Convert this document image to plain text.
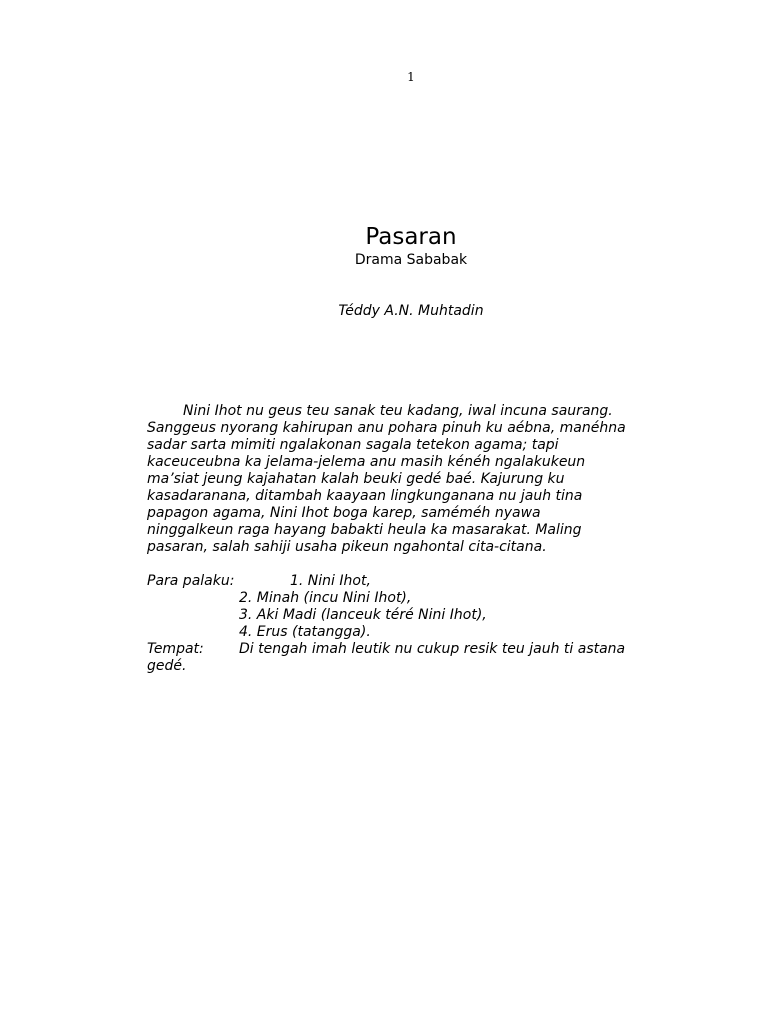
1
Pasaran
Drama Sababak
Téddy A.N. Muhtadin
Nini Ihot nu geus teu sanak teu kadang, iwal incuna saurang.
Sanggeus nyorang kahirupan anu pohara pinuh ku aébna, manéhna
sadar sarta mimiti ngalakonan sagala tetekon agama; tapi
kaceuceubna ka jelama-jelema anu masih kénéh ngalakukeun
ma’siat jeung kajahatan kalah beuki gedé baé. Kajurung ku
kasadaranana, ditambah kaayaan lingkunganana nu jauh tina
papagon agama, Nini Ihot boga karep, saméméh nyawa
ninggalkeun raga hayang babakti heula ka masarakat. Maling
pasaran, salah sahiji usaha pikeun ngahontal cita-citana.
Para palaku:	1. Nini Ihot,
2. Minah (incu Nini Ihot),
3. Aki Madi (lanceuk téré Nini Ihot),
4. Erus (tatangga).
Tempat:	Di tengah imah leutik nu cukup resik teu jauh ti astana
gedé.
